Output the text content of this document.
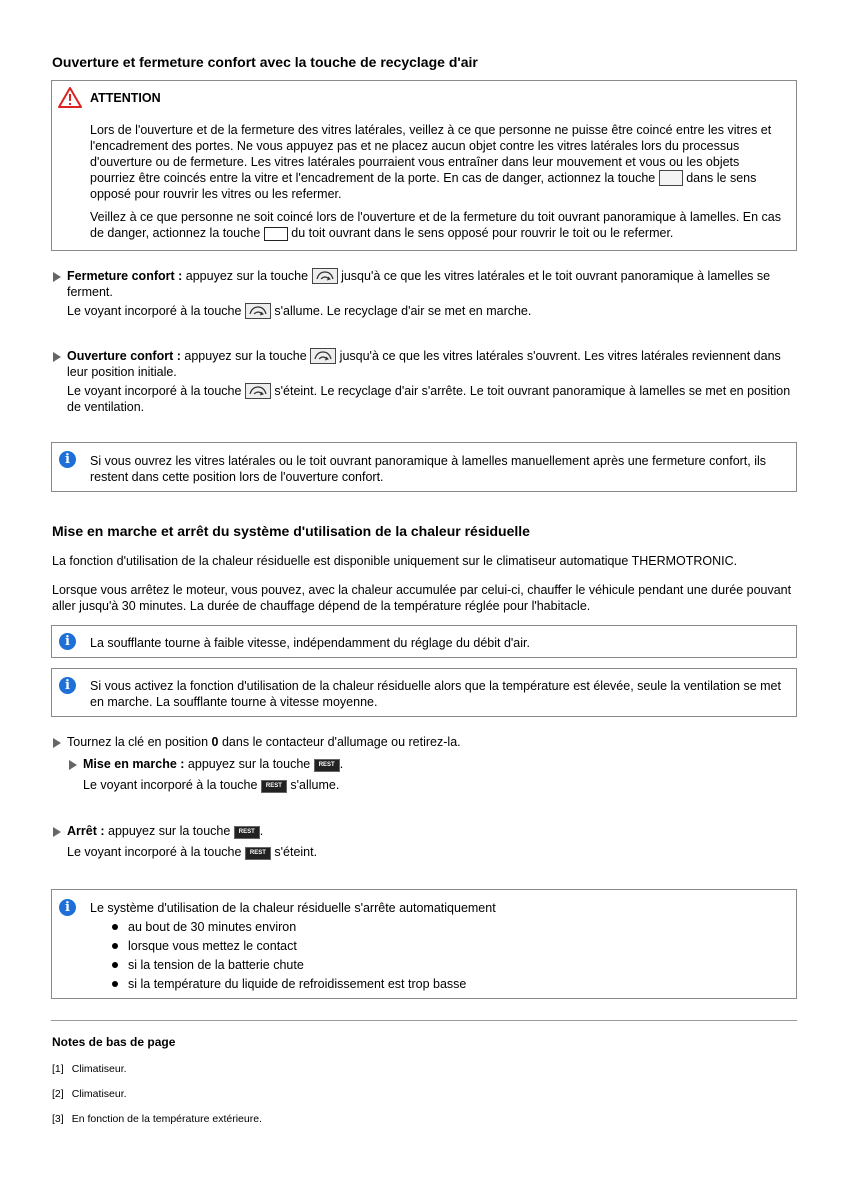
Ouverture et fermeture confort avec la touche de recyclage d'air
ATTENTION

Lors de l'ouverture et de la fermeture des vitres latérales, veillez à ce que personne ne puisse être coincé entre les vitres et l'encadrement des portes. Ne vous appuyez pas et ne placez aucun objet contre les vitres latérales lors du processus d'ouverture ou de fermeture. Les vitres latérales pourraient vous entraîner dans leur mouvement et vous ou les objets pourriez être coincés entre la vitre et l'encadrement de la porte. En cas de danger, actionnez la touche dans le sens opposé pour rouvrir les vitres ou les refermer.

Veillez à ce que personne ne soit coincé lors de l'ouverture et de la fermeture du toit ouvrant panoramique à lamelles. En cas de danger, actionnez la touche du toit ouvrant dans le sens opposé pour rouvrir le toit ou le refermer.

Fermeture confort : appuyez sur la touche	jusqu'à ce que les vitres latérales et le toit ouvrant panoramique à lamelles se ferment.

Le voyant incorporé à la touche	s'allume. Le recyclage d'air se met en marche.

Ouverture confort : appuyez sur la touche	jusqu'à ce que les vitres latérales s'ouvrent. Les vitres latérales reviennent dans leur position initiale.

Le voyant incorporé à la touche	s'éteint. Le recyclage d'air s'arrête. Le toit ouvrant panoramique à lamelles se met en position de ventilation.

i	Si vous ouvrez les vitres latérales ou le toit ouvrant panoramique à lamelles manuellement après une fermeture confort, ils restent dans cette position lors de l'ouverture confort.

Mise en marche et arrêt du système d'utilisation de la chaleur résiduelle

La fonction d'utilisation de la chaleur résiduelle est disponible uniquement sur le climatiseur automatique THERMOTRONIC.

Lorsque vous arrêtez le moteur, vous pouvez, avec la chaleur accumulée par celui-ci, chauffer le véhicule pendant une durée pouvant aller jusqu'à 30 minutes. La durée de chauffage dépend de la température réglée pour l'habitacle.

i	La soufflante tourne à faible vitesse, indépendamment du réglage du débit d'air.

i	Si vous activez la fonction d'utilisation de la chaleur résiduelle alors que la température est élevée, seule la ventilation se met en marche. La soufflante tourne à vitesse moyenne.

Tournez la clé en position 0 dans le contacteur d'allumage ou retirez-la.

Mise en marche : appuyez sur la touche REST .

Le voyant incorporé à la touche REST s'allume.

Arrêt : appuyez sur la touche REST .

Le voyant incorporé à la touche REST s'éteint.

i	Le système d'utilisation de la chaleur résiduelle s'arrête automatiquement

au bout de 30 minutes environ
lorsque vous mettez le contact
si la tension de la batterie chute
si la température du liquide de refroidissement est trop basse
Notes de bas de page
[1] Climatiseur.
[2] Climatiseur.
[3] En fonction de la température extérieure.
